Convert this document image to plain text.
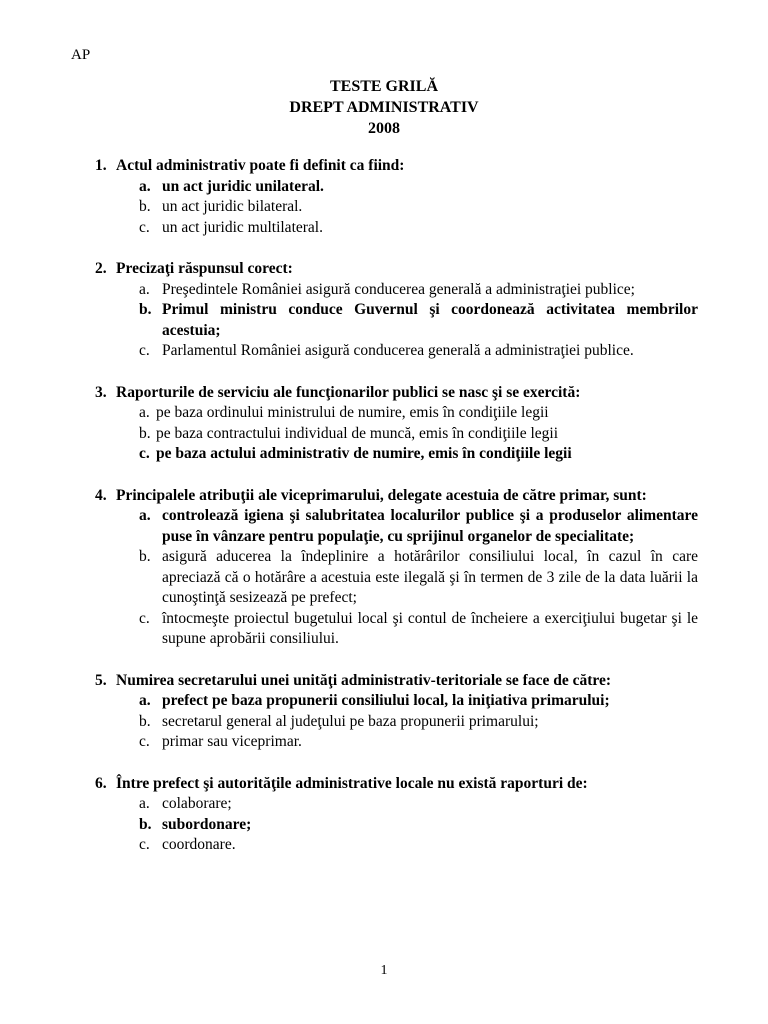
AP
TESTE GRILĂ
DREPT ADMINISTRATIV
2008
1. Actul administrativ poate fi definit ca fiind:
a. un act juridic unilateral.
b. un act juridic bilateral.
c. un act juridic multilateral.
2. Precizaţi răspunsul corect:
a. Preşedintele României asigură conducerea generală a administraţiei publice;
b. Primul ministru conduce Guvernul şi coordonează activitatea membrilor acestuia;
c. Parlamentul României asigură conducerea generală a administraţiei publice.
3. Raporturile de serviciu ale funcţionarilor publici se nasc şi se exercită:
a. pe baza ordinului ministrului de numire, emis în condiţiile legii
b. pe baza contractului individual de muncă, emis în condiţiile legii
c. pe baza actului administrativ de numire, emis în condiţiile legii
4. Principalele atribuţii ale viceprimarului, delegate acestuia de către primar, sunt:
a. controlează igiena şi salubritatea localurilor publice şi a produselor alimentare puse în vânzare pentru populaţie, cu sprijinul organelor de specialitate;
b. asigură aducerea la îndeplinire a hotărârilor consiliului local, în cazul în care apreciază că o hotărâre a acestuia este ilegală şi în termen de 3 zile de la data luării la cunoştinţă sesizează pe prefect;
c. întocmeşte proiectul bugetului local şi contul de încheiere a exerciţiului bugetar şi le supune aprobării consiliului.
5. Numirea secretarului unei unităţi administrativ-teritoriale se face de către:
a. prefect pe baza propunerii consiliului local, la iniţiativa primarului;
b. secretarul general al judeţului pe baza propunerii primarului;
c. primar sau viceprimar.
6. Între prefect şi autorităţile administrative locale nu există raporturi de:
a. colaborare;
b. subordonare;
c. coordonare.
1
